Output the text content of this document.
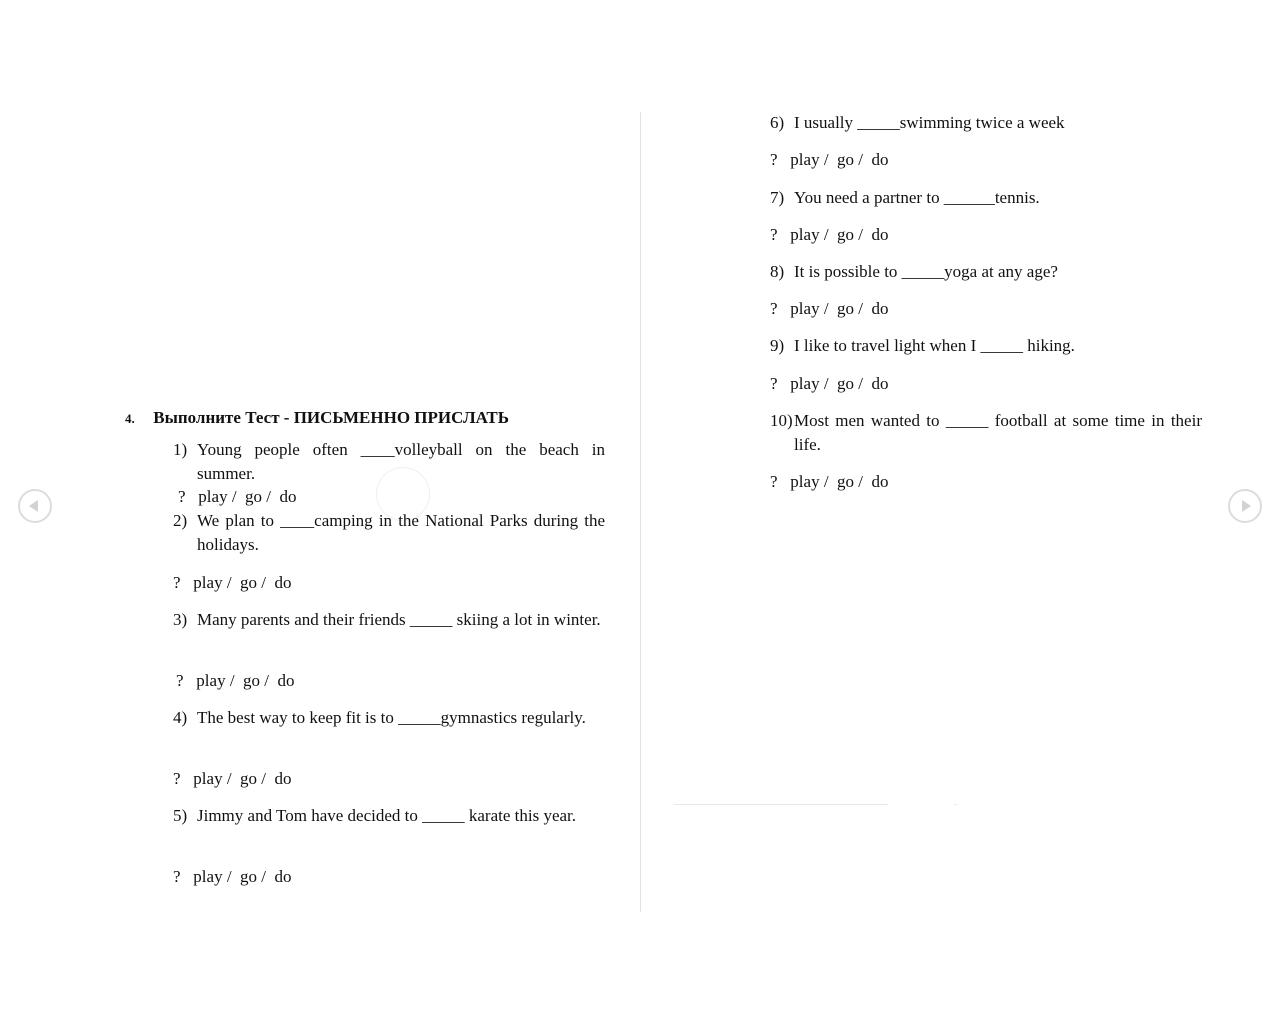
4. Выполните Тест - ПИСЬМЕННО ПРИСЛАТЬ
1) Young people often ____volleyball on the beach in summer.
?   play /  go /  do
2) We plan to ____camping in the National Parks during the holidays.
?   play /  go /  do
3) Many parents and their friends _____ skiing a lot in winter.
?   play /  go /  do
4) The best way to keep fit is to _____gymnastics regularly.
?   play /  go /  do
5) Jimmy and Tom have decided to _____ karate this year.
?   play /  go /  do
6) I usually _____swimming twice a week
?   play /  go /  do
7) You need a partner to ______tennis.
?   play /  go /  do
8) It is possible to _____yoga at any age?
?   play /  go /  do
9) I like to travel light when I _____ hiking.
?   play /  go /  do
10) Most men wanted to _____ football at some time in their life.
?   play /  go /  do
